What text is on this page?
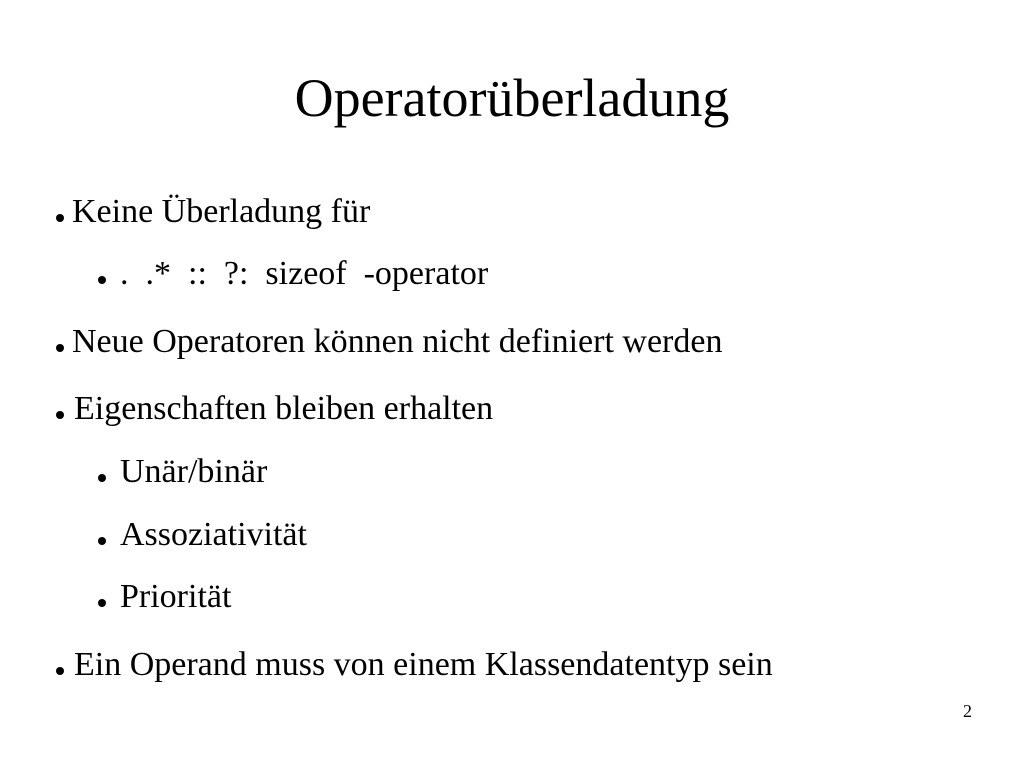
Operatorüberladung
Keine Überladung für
.  .*  ::  ?:  sizeof  -operator
Neue Operatoren können nicht definiert werden
Eigenschaften bleiben erhalten
Unär/binär
Assoziativität
Priorität
Ein Operand muss von einem Klassendatentyp sein
2
